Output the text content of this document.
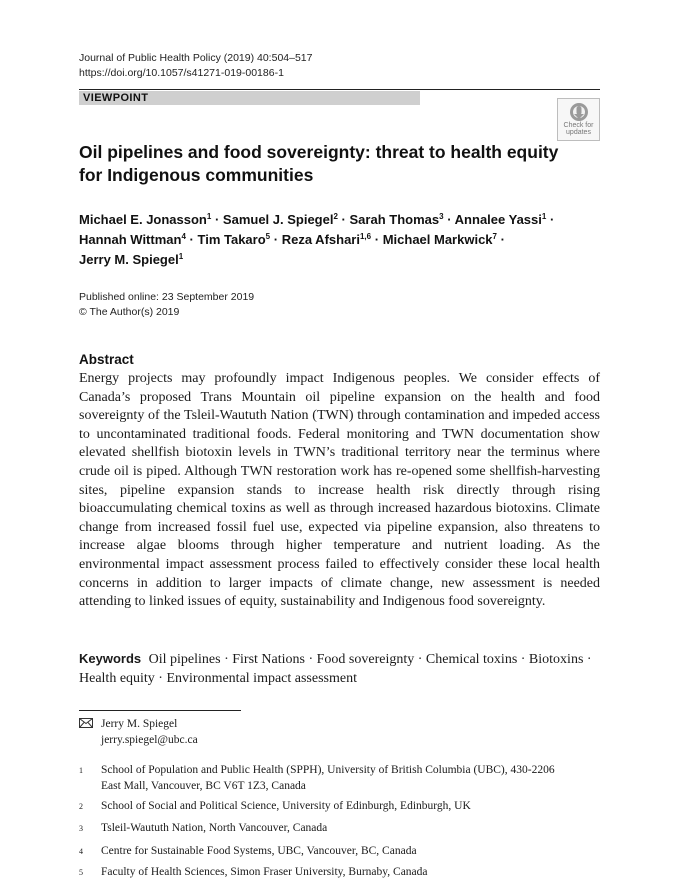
Journal of Public Health Policy (2019) 40:504–517
https://doi.org/10.1057/s41271-019-00186-1
VIEWPOINT
Check for
updates
Oil pipelines and food sovereignty: threat to health equity
for Indigenous communities
Michael E. Jonasson$^1$ · Samuel J. Spiegel$^2$ · Sarah Thomas$^3$ · Annalee Yassi$^1$ ·
Hannah Wittman$^4$ · Tim Takaro$^5$ · Reza Afshari$^{1,6}$ · Michael Markwick$^7$ ·
Jerry M. Spiegel$^1$
Published online: 23 September 2019
© The Author(s) 2019
Abstract
Energy projects may profoundly impact Indigenous peoples. We consider effects of Canada’s proposed Trans Mountain oil pipeline expansion on the health and food sovereignty of the Tsleil-Waututh Nation (TWN) through contamination and impeded access to uncontaminated traditional foods. Federal monitoring and TWN documentation show elevated shellfish biotoxin levels in TWN’s traditional territory near the terminus where crude oil is piped. Although TWN restoration work has re-opened some shellfish-harvesting sites, pipeline expansion stands to increase health risk directly through rising bioaccumulating chemical toxins as well as through increased hazardous biotoxins. Climate change from increased fossil fuel use, expected via pipeline expansion, also threatens to increase algae blooms through higher temperature and nutrient loading. As the environmental impact assessment process failed to effectively consider these local health concerns in addition to larger impacts of climate change, new assessment is needed attending to linked issues of equity, sustainability and Indigenous food sovereignty.
Keywords Oil pipelines · First Nations · Food sovereignty · Chemical toxins · Biotoxins · Health equity · Environmental impact assessment
Jerry M. Spiegel
jerry.spiegel@ubc.ca
1 School of Population and Public Health (SPPH), University of British Columbia (UBC), 430-2206 East Mall, Vancouver, BC V6T 1Z3, Canada
2 School of Social and Political Science, University of Edinburgh, Edinburgh, UK
3 Tsleil-Waututh Nation, North Vancouver, Canada
4 Centre for Sustainable Food Systems, UBC, Vancouver, BC, Canada
5 Faculty of Health Sciences, Simon Fraser University, Burnaby, Canada
